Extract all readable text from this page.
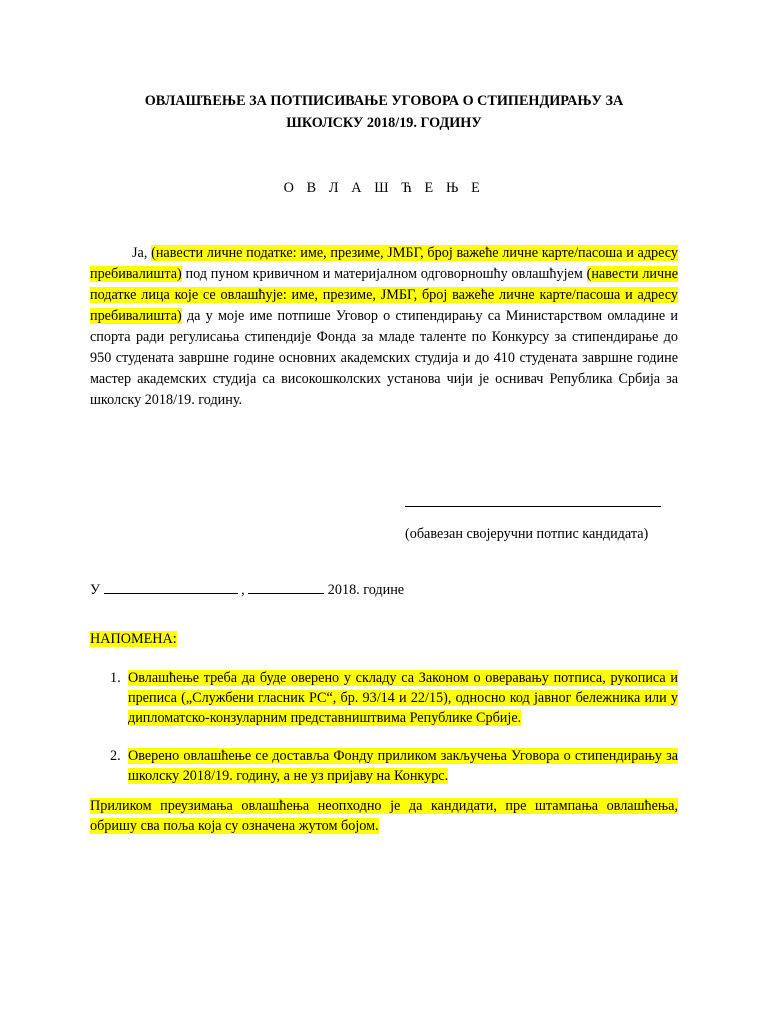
ОВЛАШЋЕЊЕ ЗА ПОТПИСИВАЊЕ УГОВОРА О СТИПЕНДИРАЊУ ЗА
ШКОЛСКУ 2018/19. ГОДИНУ
О В Л А Ш Ћ Е Њ Е
Ја, (навести личне податке: име, презиме, ЈМБГ, број важеће личне карте/пасоша и адресу пребивалишта) под пуном кривичном и материјалном одговорношћу овлашћујем (навести личне податке лица које се овлашћује: име, презиме, ЈМБГ, број важеће личне карте/пасоша и адресу пребивалишта) да у моје име потпише Уговор о стипендирању са Министарством омладине и спорта ради регулисања стипендије Фонда за младе таленте по Конкурсу за стипендирање до 950 студената завршне године основних академских студија и до 410 студената завршне године мастер академских студија са високошколских установа чији је оснивач Република Србија за школску 2018/19. годину.
(обавезан својеручни потпис кандидата)
У	,	2018. године
НАПОМЕНА:
1. Овлашћење треба да буде оверено у складу са Законом о оверавању потписа, рукописа и преписа („Службени гласник РС“, бр. 93/14 и 22/15), односно код јавног бележника или у дипломатско-конзуларним представништвима Републике Србије.
2. Оверено овлашћење се доставља Фонду приликом закључења Уговора о стипендирању за школску 2018/19. годину, а не уз пријаву на Конкурс.
Приликом преузимања овлашћења неопходно је да кандидати, пре штампања овлашћења, обришу сва поља која су означена жутом бојом.
